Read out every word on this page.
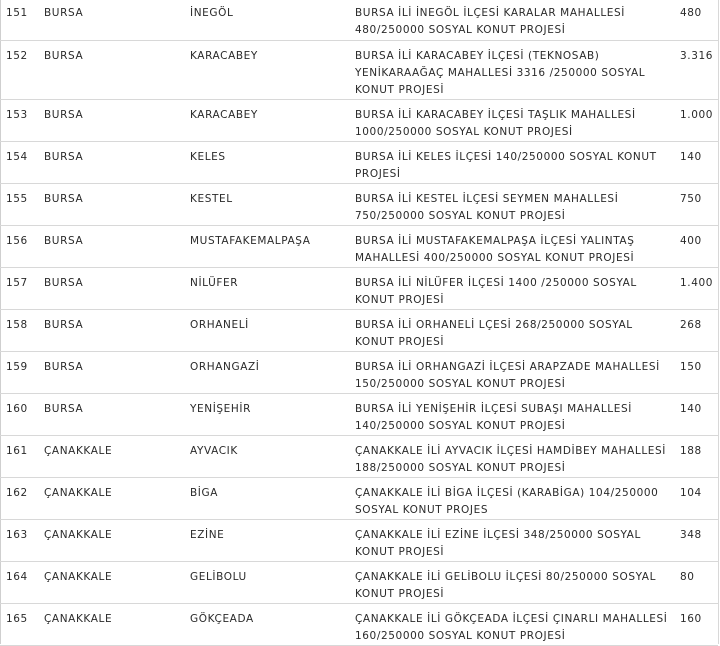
151	BURSA	İNEGÖL	BURSA İLİ İNEGÖL İLÇESİ KARALAR MAHALLESİ 480/250000 SOSYAL KONUT PROJESİ	480
152	BURSA	KARACABEY	BURSA İLİ KARACABEY İLÇESİ (TEKNOSAB) YENİKARAAĞAÇ MAHALLESİ 3316 /250000 SOSYAL KONUT PROJESİ	3.316
153	BURSA	KARACABEY	BURSA İLİ KARACABEY İLÇESİ TAŞLIK MAHALLESİ 1000/250000 SOSYAL KONUT PROJESİ	1.000
154	BURSA	KELES	BURSA İLİ KELES İLÇESİ 140/250000 SOSYAL KONUT PROJESİ	140
155	BURSA	KESTEL	BURSA İLİ KESTEL İLÇESİ SEYMEN MAHALLESİ 750/250000 SOSYAL KONUT PROJESİ	750
156	BURSA	MUSTAFAKEMALPAŞA	BURSA İLİ MUSTAFAKEMALPAŞA İLÇESİ YALINTAŞ MAHALLESİ 400/250000 SOSYAL KONUT PROJESİ	400
157	BURSA	NİLÜFER	BURSA İLİ NİLÜFER İLÇESİ 1400 /250000 SOSYAL KONUT PROJESİ	1.400
158	BURSA	ORHANELİ	BURSA İLİ ORHANELİ LÇESİ 268/250000 SOSYAL KONUT PROJESİ	268
159	BURSA	ORHANGAZİ	BURSA İLİ ORHANGAZİ İLÇESİ ARAPZADE MAHALLESİ 150/250000 SOSYAL KONUT PROJESİ	150
160	BURSA	YENİŞEHİR	BURSA İLİ YENİŞEHİR İLÇESİ SUBAŞI MAHALLESİ 140/250000 SOSYAL KONUT PROJESİ	140
161	ÇANAKKALE	AYVACIK	ÇANAKKALE İLİ AYVACIK İLÇESİ HAMDİBEY MAHALLESİ 188/250000 SOSYAL KONUT PROJESİ	188
162	ÇANAKKALE	BİGA	ÇANAKKALE İLİ BİGA İLÇESİ (KARABİGA) 104/250000 SOSYAL KONUT PROJES	104
163	ÇANAKKALE	EZİNE	ÇANAKKALE İLİ EZİNE İLÇESİ 348/250000 SOSYAL KONUT PROJESİ	348
164	ÇANAKKALE	GELİBOLU	ÇANAKKALE İLİ GELİBOLU İLÇESİ 80/250000 SOSYAL KONUT PROJESİ	80
165	ÇANAKKALE	GÖKÇEADA	ÇANAKKALE İLİ GÖKÇEADA İLÇESİ ÇINARLI MAHALLESİ 160/250000 SOSYAL KONUT PROJESİ	160
